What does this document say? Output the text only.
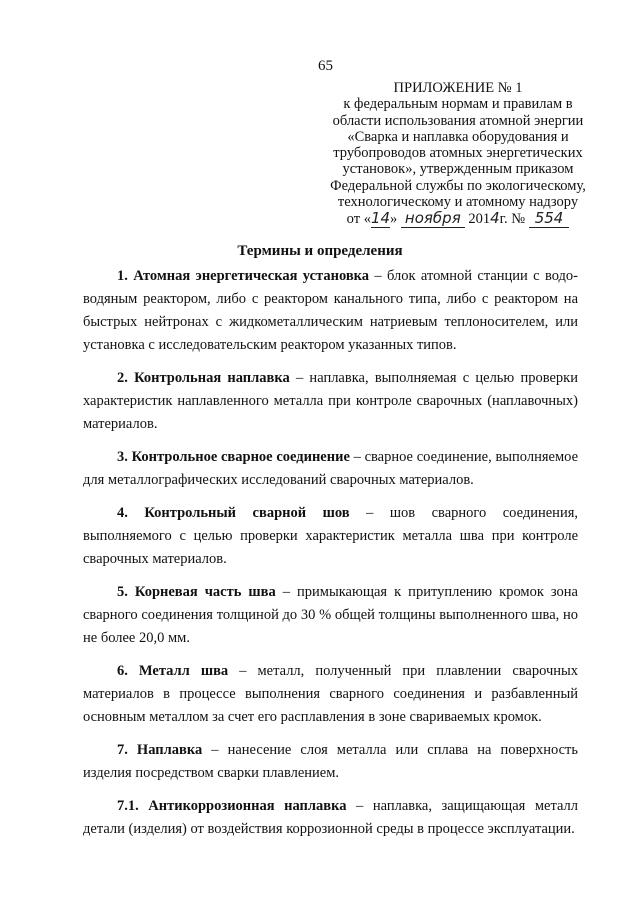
65
ПРИЛОЖЕНИЕ № 1
к федеральным нормам и правилам в
области использования атомной энергии
«Сварка и наплавка оборудования и
трубопроводов атомных энергетических
установок», утвержденным приказом
Федеральной службы по экологическому,
технологическому и атомному надзору
от «14» ноября 2014г. № 554
Термины и определения

1. Атомная энергетическая установка – блок атомной станции с водо-водяным реактором, либо с реактором канального типа, либо с реактором на быстрых нейтронах с жидкометаллическим натриевым теплоносителем, или установка с исследовательским реактором указанных типов.

2. Контрольная наплавка – наплавка, выполняемая с целью проверки характеристик наплавленного металла при контроле сварочных (наплавочных) материалов.

3. Контрольное сварное соединение – сварное соединение, выполняемое для металлографических исследований сварочных материалов.

4. Контрольный сварной шов – шов сварного соединения, выполняемого с целью проверки характеристик металла шва при контроле сварочных материалов.

5. Корневая часть шва – примыкающая к притуплению кромок зона сварного соединения толщиной до 30 % общей толщины выполненного шва, но не более 20,0 мм.

6. Металл шва – металл, полученный при плавлении сварочных материалов в процессе выполнения сварного соединения и разбавленный основным металлом за счет его расплавления в зоне свариваемых кромок.

7. Наплавка – нанесение слоя металла или сплава на поверхность изделия посредством сварки плавлением.

7.1. Антикоррозионная наплавка – наплавка, защищающая металл детали (изделия) от воздействия коррозионной среды в процессе эксплуатации.
